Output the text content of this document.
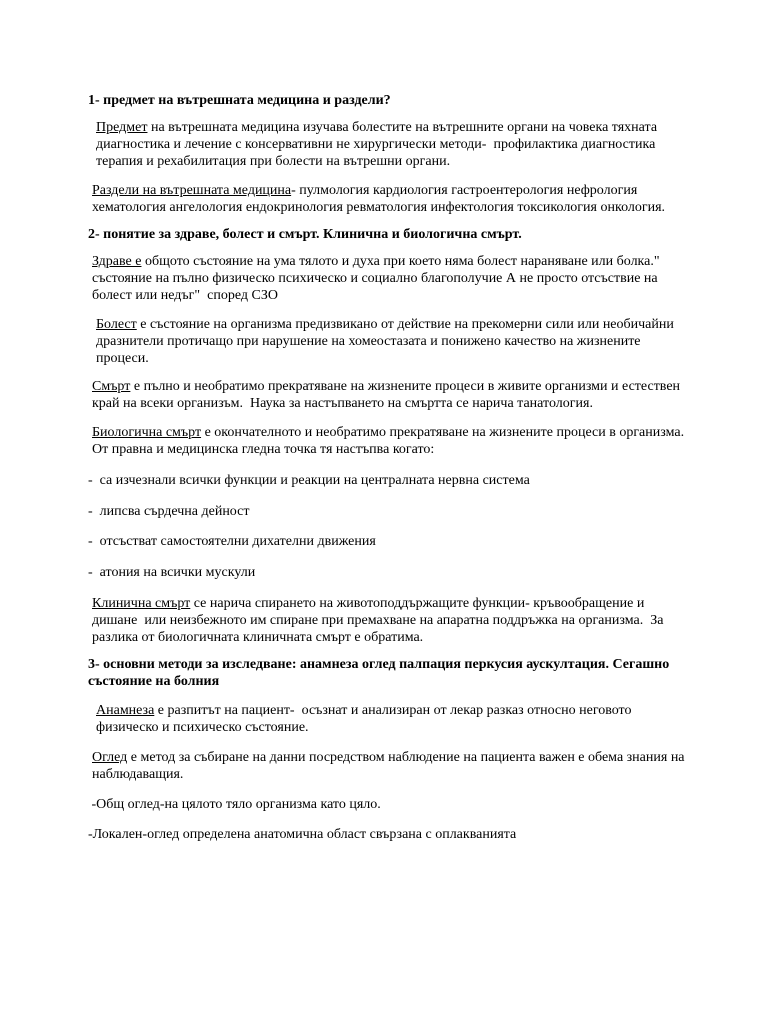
1- предмет на вътрешната медицина и раздели?

Предмет на вътрешната медицина изучава болестите на вътрешните органи на човека тяхната диагностика и лечение с консервативни не хирургически методи-  профилактика диагностика терапия и рехабилитация при болести на вътрешни органи.

Раздели на вътрешната медицина- пулмология кардиология гастроентерология нефрология хематология ангелология ендокринология ревматология инфектология токсикология онкология.

2- понятие за здраве, болест и смърт. Клинична и биологична смърт.

Здраве е общото състояние на ума тялото и духа при което няма болест нараняване или болка." състояние на пълно физическо психическо и социално благополучие А не просто отсъствие на болест или недъг"  според СЗО

Болест е състояние на организма предизвикано от действие на прекомерни сили или необичайни дразнители протичащо при нарушение на хомеостазата и понижено качество на жизнените процеси.

Смърт е пълно и необратимо прекратяване на жизнените процеси в живите организми и естествен край на всеки организъм.  Наука за настъпването на смъртта се нарича танатология.

Биологична смърт е окончателното и необратимо прекратяване на жизнените процеси в организма. От правна и медицинска гледна точка тя настъпва когато:

-  са изчезнали всички функции и реакции на централната нервна система

-  липсва сърдечна дейност

-  отсъстват самостоятелни дихателни движения

-  атония на всички мускули

Клинична смърт се нарича спирането на животоподдържащите функции- кръвообращение и дишане  или неизбежното им спиране при премахване на апаратна поддръжка на организма.  За разлика от биологичната клиничната смърт е обратима.

3- основни методи за изследване: анамнеза оглед палпация перкусия аускултация. Сегашно състояние на болния

Анамнеза е разпитът на пациент-  осъзнат и анализиран от лекар разказ относно неговото физическо и психическо състояние.

Оглед е метод за събиране на данни посредством наблюдение на пациента важен е обема знания на наблюдаващия.

-Общ оглед-на цялото тяло организма като цяло.

-Локален-оглед определена анатомична област свързана с оплакванията
